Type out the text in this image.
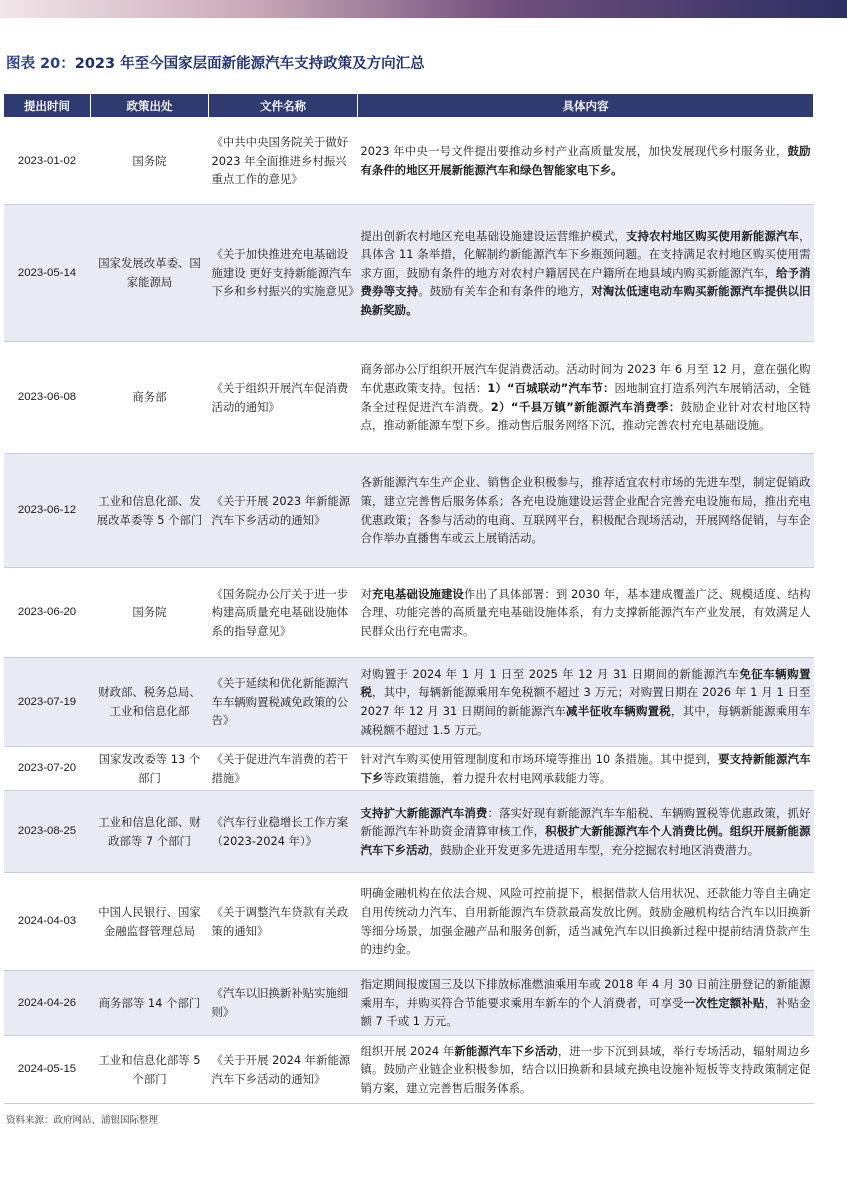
图表 20：2023 年至今国家层面新能源汽车支持政策及方向汇总
提出时间	政策出处	文件名称	具体内容
2023-01-02	国务院	《中共中央国务院关于做好 2023 年全面推进乡村振兴重点工作的意见》	2023 年中央一号文件提出要推动乡村产业高质量发展，加快发展现代乡村服务业，鼓励有条件的地区开展新能源汽车和绿色智能家电下乡。
2023-05-14	国家发展改革委、国家能源局	《关于加快推进充电基础设施建设 更好支持新能源汽车下乡和乡村振兴的实施意见》	提出创新农村地区充电基础设施建设运营维护模式，支持农村地区购买使用新能源汽车，具体含 11 条举措，化解制约新能源汽车下乡瓶颈问题。在支持满足农村地区购买使用需求方面，鼓励有条件的地方对农村户籍居民在户籍所在地县域内购买新能源汽车，给予消费券等支持。鼓励有关车企和有条件的地方，对淘汰低速电动车购买新能源汽车提供以旧换新奖励。
2023-06-08	商务部	《关于组织开展汽车促消费活动的通知》	商务部办公厅组织开展汽车促消费活动。活动时间为 2023 年 6 月至 12 月，意在强化购车优惠政策支持。包括：1）“百城联动”汽车节：因地制宜打造系列汽车展销活动，全链条全过程促进汽车消费。2）“千县万镇”新能源汽车消费季：鼓励企业针对农村地区特点，推动新能源车型下乡。推动售后服务网络下沉，推动完善农村充电基础设施。
2023-06-12	工业和信息化部、发展改革委等 5 个部门	《关于开展 2023 年新能源汽车下乡活动的通知》	各新能源汽车生产企业、销售企业积极参与，推荐适宜农村市场的先进车型，制定促销政策，建立完善售后服务体系；各充电设施建设运营企业配合完善充电设施布局，推出充电优惠政策；各参与活动的电商、互联网平台，积极配合现场活动，开展网络促销，与车企合作举办直播售车或云上展销活动。
2023-06-20	国务院	《国务院办公厅关于进一步构建高质量充电基础设施体系的指导意见》	对充电基础设施建设作出了具体部署：到 2030 年，基本建成覆盖广泛、规模适度、结构合理、功能完善的高质量充电基础设施体系，有力支撑新能源汽车产业发展，有效满足人民群众出行充电需求。
2023-07-19	财政部、税务总局、工业和信息化部	《关于延续和优化新能源汽车车辆购置税减免政策的公告》	对购置于 2024 年 1 月 1 日至 2025 年 12 月 31 日期间的新能源汽车免征车辆购置税，其中，每辆新能源乘用车免税额不超过 3 万元；对购置日期在 2026 年 1 月 1 日至 2027 年 12 月 31 日期间的新能源汽车减半征收车辆购置税，其中，每辆新能源乘用车减税额不超过 1.5 万元。
2023-07-20	国家发改委等 13 个部门	《关于促进汽车消费的若干措施》	针对汽车购买使用管理制度和市场环境等推出 10 条措施。其中提到，要支持新能源汽车下乡等政策措施，着力提升农村电网承载能力等。
2023-08-25	工业和信息化部、财政部等 7 个部门	《汽车行业稳增长工作方案（2023-2024 年）》	支持扩大新能源汽车消费：落实好现有新能源汽车车船税、车辆购置税等优惠政策，抓好新能源汽车补助资金清算审核工作，积极扩大新能源汽车个人消费比例。组织开展新能源汽车下乡活动，鼓励企业开发更多先进适用车型，充分挖掘农村地区消费潜力。
2024-04-03	中国人民银行、国家金融监督管理总局	《关于调整汽车贷款有关政策的通知》	明确金融机构在依法合规、风险可控前提下，根据借款人信用状况、还款能力等自主确定自用传统动力汽车、自用新能源汽车贷款最高发放比例。鼓励金融机构结合汽车以旧换新等细分场景，加强金融产品和服务创新，适当减免汽车以旧换新过程中提前结清贷款产生的违约金。
2024-04-26	商务部等 14 个部门	《汽车以旧换新补贴实施细则》	指定期间报废国三及以下排放标准燃油乘用车或 2018 年 4 月 30 日前注册登记的新能源乘用车，并购买符合节能要求乘用车新车的个人消费者，可享受一次性定额补贴，补贴金额 7 千或 1 万元。
2024-05-15	工业和信息化部等 5 个部门	《关于开展 2024 年新能源汽车下乡活动的通知》	组织开展 2024 年新能源汽车下乡活动，进一步下沉到县域，举行专场活动，辐射周边乡镇。鼓励产业链企业积极参加，结合以旧换新和县域充换电设施补短板等支持政策制定促销方案，建立完善售后服务体系。
资料来源：政府网站、浦银国际整理
